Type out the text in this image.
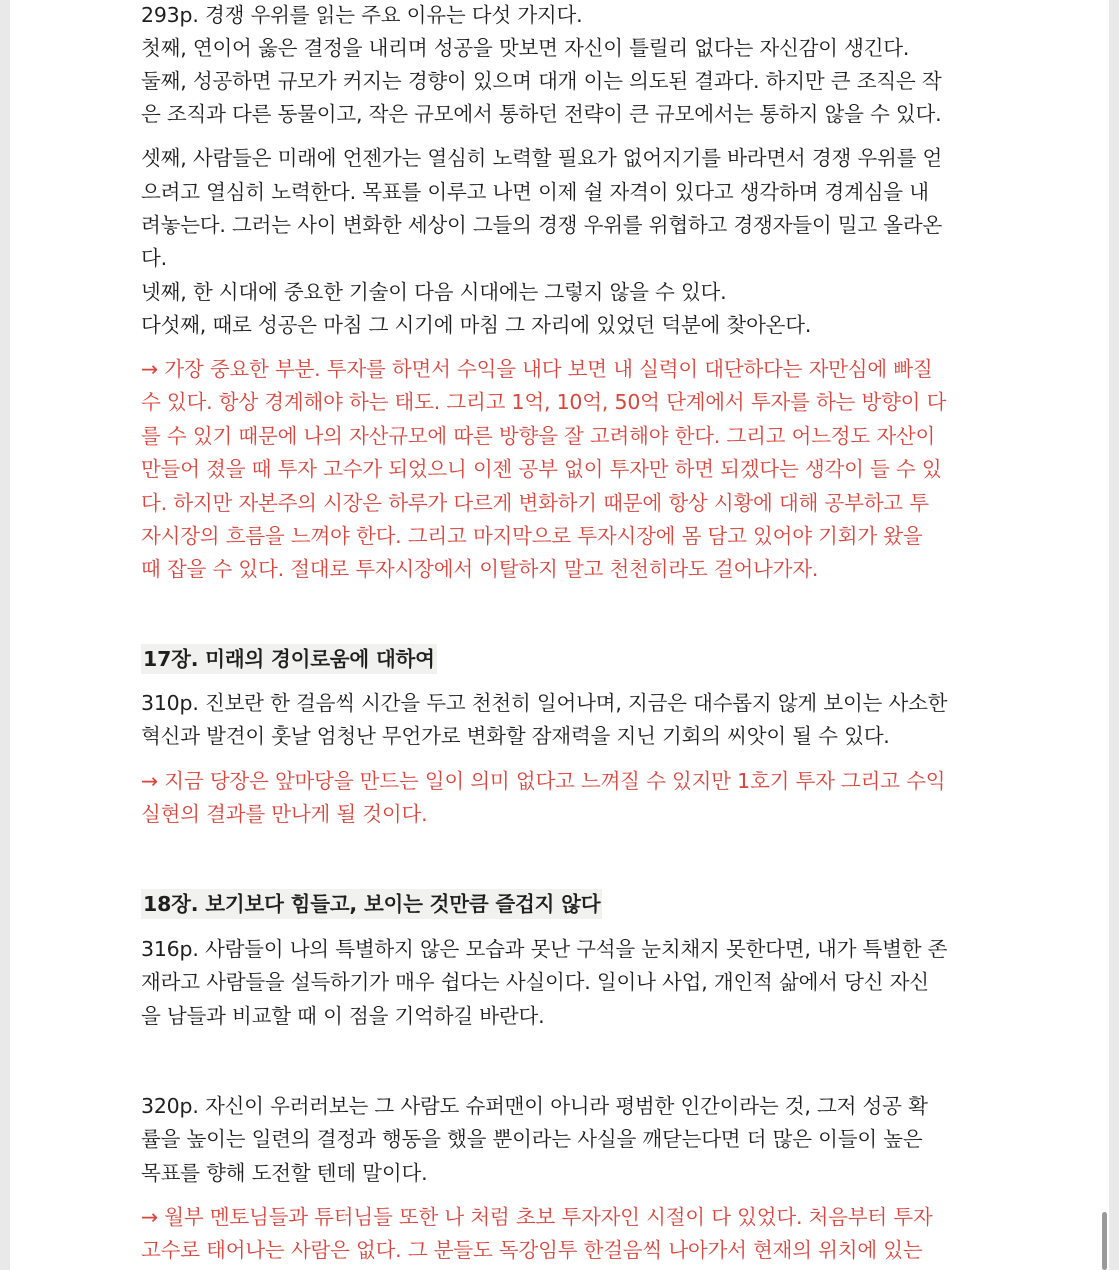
293p. 경쟁 우위를 읽는 주요 이유는 다섯 가지다.
첫째, 연이어 옳은 결정을 내리며 성공을 맛보면 자신이 틀릴리 없다는 자신감이 생긴다.
둘째, 성공하면 규모가 커지는 경향이 있으며 대개 이는 의도된 결과다. 하지만 큰 조직은 작
은 조직과 다른 동물이고, 작은 규모에서 통하던 전략이 큰 규모에서는 통하지 않을 수 있다.
셋째, 사람들은 미래에 언젠가는 열심히 노력할 필요가 없어지기를 바라면서 경쟁 우위를 얻
으려고 열심히 노력한다. 목표를 이루고 나면 이제 쉴 자격이 있다고 생각하며 경계심을 내
려놓는다. 그러는 사이 변화한 세상이 그들의 경쟁 우위를 위협하고 경쟁자들이 밀고 올라온
다.
넷째, 한 시대에 중요한 기술이 다음 시대에는 그렇지 않을 수 있다.
다섯째, 때로 성공은 마침 그 시기에 마침 그 자리에 있었던 덕분에 찾아온다.
→ 가장 중요한 부분. 투자를 하면서 수익을 내다 보면 내 실력이 대단하다는 자만심에 빠질
수 있다. 항상 경계해야 하는 태도. 그리고 1억, 10억, 50억 단계에서 투자를 하는 방향이 다
를 수 있기 때문에 나의 자산규모에 따른 방향을 잘 고려해야 한다. 그리고 어느정도 자산이
만들어 졌을 때 투자 고수가 되었으니 이젠 공부 없이 투자만 하면 되겠다는 생각이 들 수 있
다. 하지만 자본주의 시장은 하루가 다르게 변화하기 때문에 항상 시황에 대해 공부하고 투
자시장의 흐름을 느껴야 한다. 그리고 마지막으로 투자시장에 몸 담고 있어야 기회가 왔을
때 잡을 수 있다. 절대로 투자시장에서 이탈하지 말고 천천히라도 걸어나가자.
17장. 미래의 경이로움에 대하여
310p. 진보란 한 걸음씩 시간을 두고 천천히 일어나며, 지금은 대수롭지 않게 보이는 사소한
혁신과 발견이 훗날 엄청난 무언가로 변화할 잠재력을 지닌 기회의 씨앗이 될 수 있다.
→ 지금 당장은 앞마당을 만드는 일이 의미 없다고 느껴질 수 있지만 1호기 투자 그리고 수익
실현의 결과를 만나게 될 것이다.
18장. 보기보다 힘들고, 보이는 것만큼 즐겁지 않다
316p. 사람들이 나의 특별하지 않은 모습과 못난 구석을 눈치채지 못한다면, 내가 특별한 존
재라고 사람들을 설득하기가 매우 쉽다는 사실이다. 일이나 사업, 개인적 삶에서 당신 자신
을 남들과 비교할 때 이 점을 기억하길 바란다.
320p. 자신이 우러러보는 그 사람도 슈퍼맨이 아니라 평범한 인간이라는 것, 그저 성공 확
률을 높이는 일련의 결정과 행동을 했을 뿐이라는 사실을 깨닫는다면 더 많은 이들이 높은
목표를 향해 도전할 텐데 말이다.
→ 월부 멘토님들과 튜터님들 또한 나 처럼 초보 투자자인 시절이 다 있었다. 처음부터 투자
고수로 태어나는 사람은 없다. 그 분들도 독강임투 한걸음씩 나아가서 현재의 위치에 있는
